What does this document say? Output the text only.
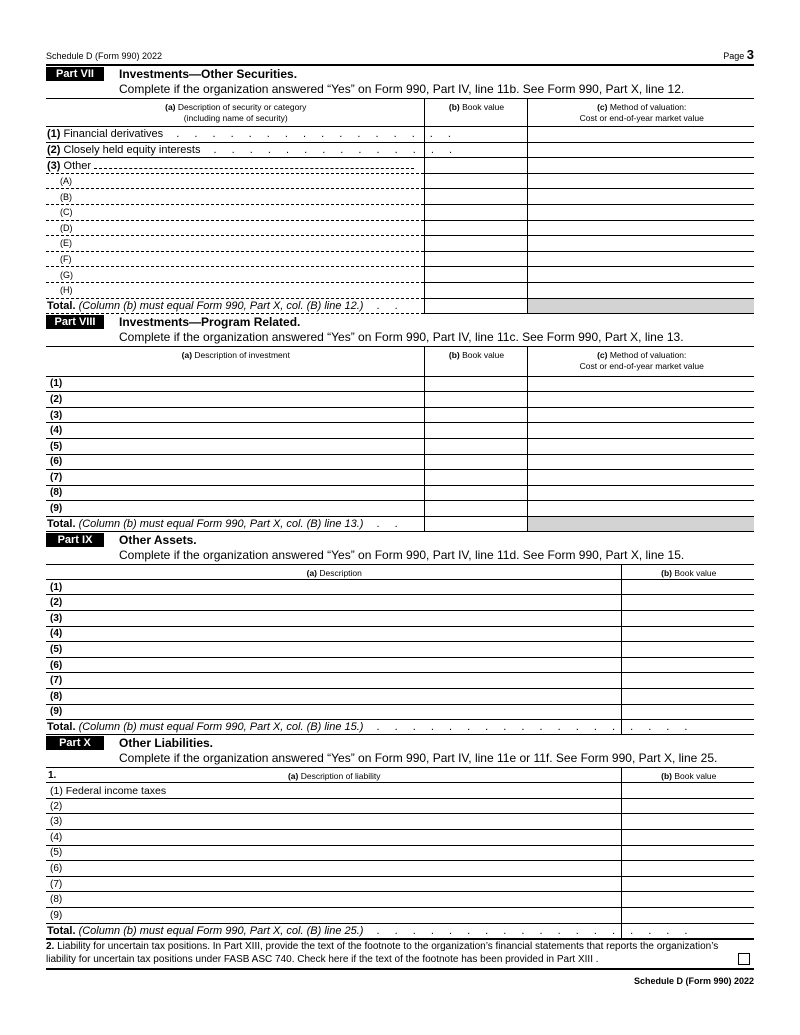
Schedule D (Form 990) 2022	Page 3
Part VII	Investments—Other Securities.
Complete if the organization answered “Yes” on Form 990, Part IV, line 11b. See Form 990, Part X, line 12.
(a) Description of security or category
(including name of security)	(b) Book value	(c) Method of valuation:
Cost or end-of-year market value
(1) Financial derivatives . . . . . . . . . . . . . . . .		
(2) Closely held equity interests . . . . . . . . . . . . . .		
(3) Other		
(A)		
(B)		
(C)		
(D)		
(E)		
(F)		
(G)		
(H)		
Total. (Column (b) must equal Form 990, Part X, col. (B) line 12.) . .		
Part VIII	Investments—Program Related.
Complete if the organization answered “Yes” on Form 990, Part IV, line 11c. See Form 990, Part X, line 13.
(a) Description of investment	(b) Book value	(c) Method of valuation:
Cost or end-of-year market value
(1)		
(2)		
(3)		
(4)		
(5)		
(6)		
(7)		
(8)		
(9)		
Total. (Column (b) must equal Form 990, Part X, col. (B) line 13.) . .		
Part IX	Other Assets.
Complete if the organization answered “Yes” on Form 990, Part IV, line 11d. See Form 990, Part X, line 15.
(a) Description	(b) Book value
(1)	
(2)	
(3)	
(4)	
(5)	
(6)	
(7)	
(8)	
(9)	
Total. (Column (b) must equal Form 990, Part X, col. (B) line 15.) . . . . . . . . . . . . . . . . . .	
Part X	Other Liabilities.
Complete if the organization answered “Yes” on Form 990, Part IV, line 11e or 11f. See Form 990, Part X, line 25.
1. (a) Description of liability	(b) Book value
(1) Federal income taxes	
(2)	
(3)	
(4)	
(5)	
(6)	
(7)	
(8)	
(9)	
Total. (Column (b) must equal Form 990, Part X, col. (B) line 25.) . . . . . . . . . . . . . . . . . .	
2. Liability for uncertain tax positions. In Part XIII, provide the text of the footnote to the organization’s financial statements that reports the organization’s liability for uncertain tax positions under FASB ASC 740. Check here if the text of the footnote has been provided in Part XIII .
Schedule D (Form 990) 2022
